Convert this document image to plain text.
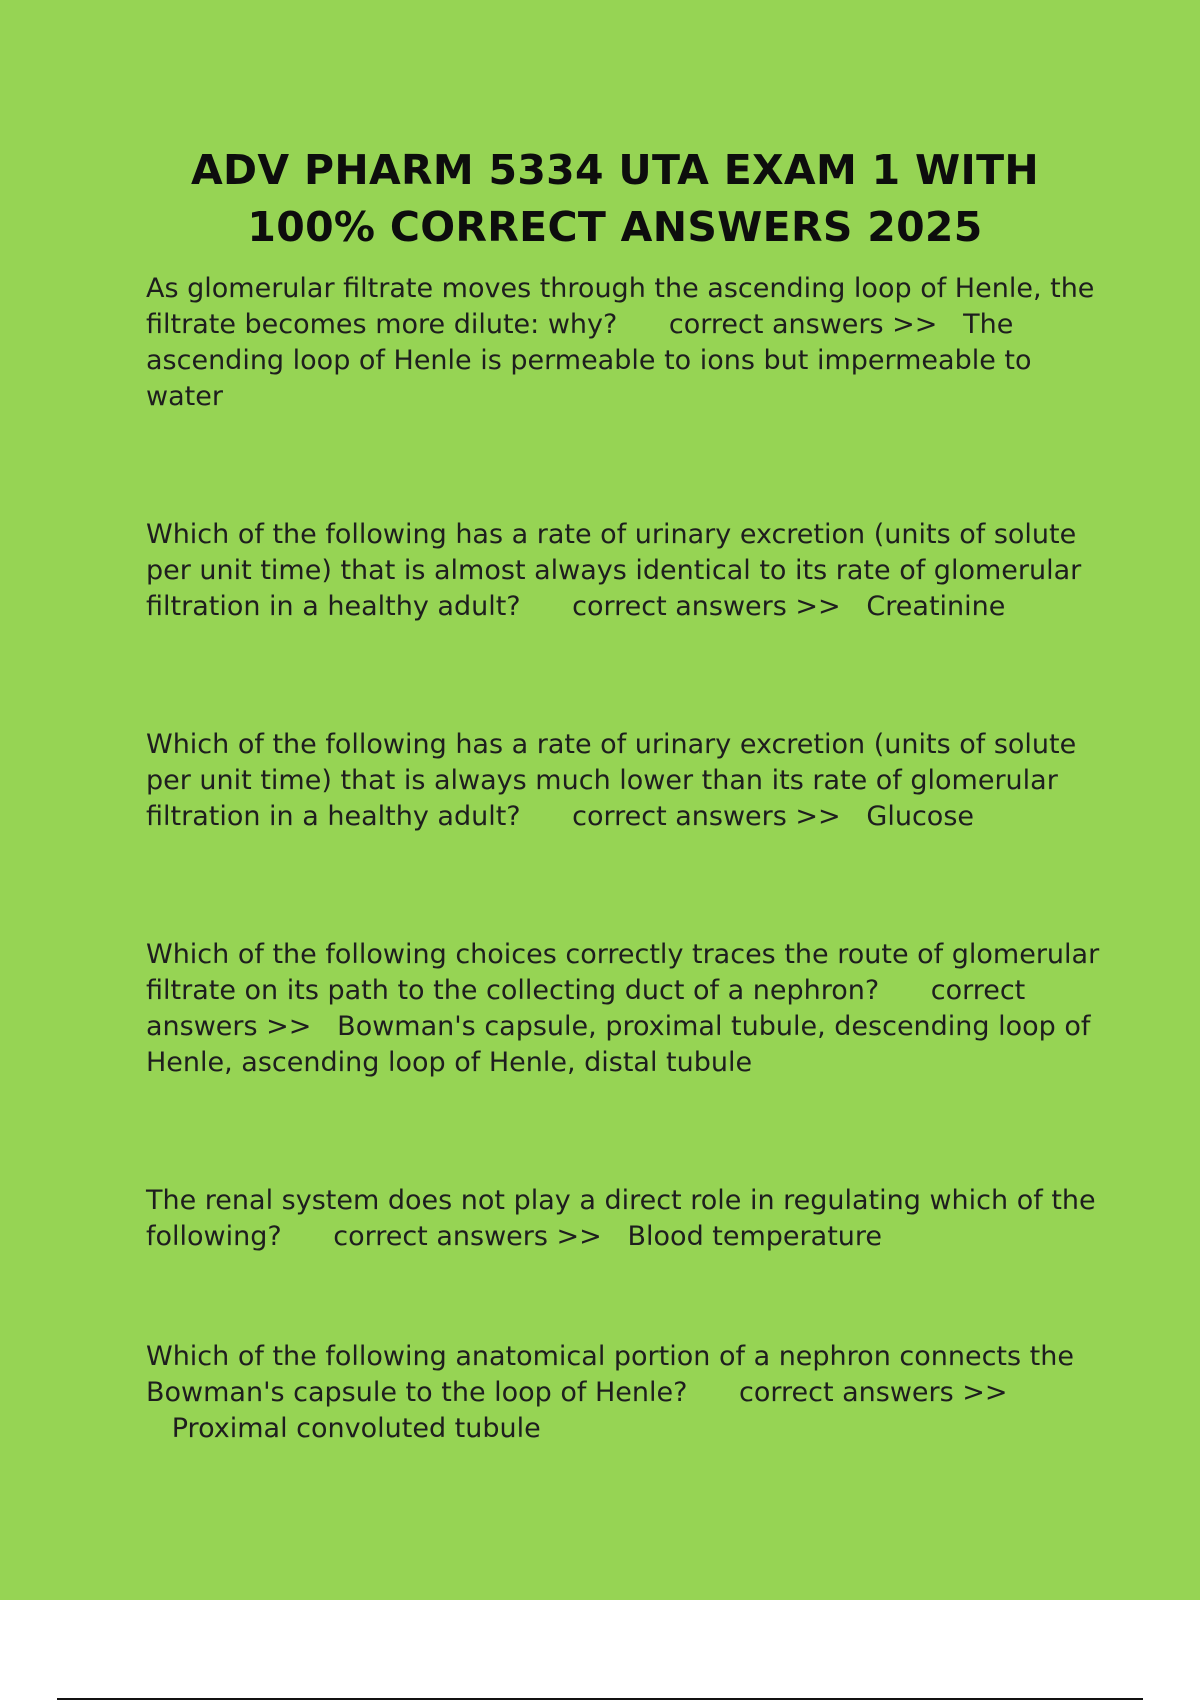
ADV PHARM 5334 UTA EXAM 1 WITH 100% CORRECT ANSWERS 2025

As glomerular filtrate moves through the ascending loop of Henle, the filtrate becomes more dilute: why? correct answers >> The ascending loop of Henle is permeable to ions but impermeable to water

Which of the following has a rate of urinary excretion (units of solute per unit time) that is almost always identical to its rate of glomerular filtration in a healthy adult? correct answers >> Creatinine

Which of the following has a rate of urinary excretion (units of solute per unit time) that is always much lower than its rate of glomerular filtration in a healthy adult? correct answers >> Glucose

Which of the following choices correctly traces the route of glomerular filtrate on its path to the collecting duct of a nephron? correct answers >> Bowman's capsule, proximal tubule, descending loop of Henle, ascending loop of Henle, distal tubule

The renal system does not play a direct role in regulating which of the following? correct answers >> Blood temperature

Which of the following anatomical portion of a nephron connects the Bowman's capsule to the loop of Henle? correct answers >>   Proximal convoluted tubule
